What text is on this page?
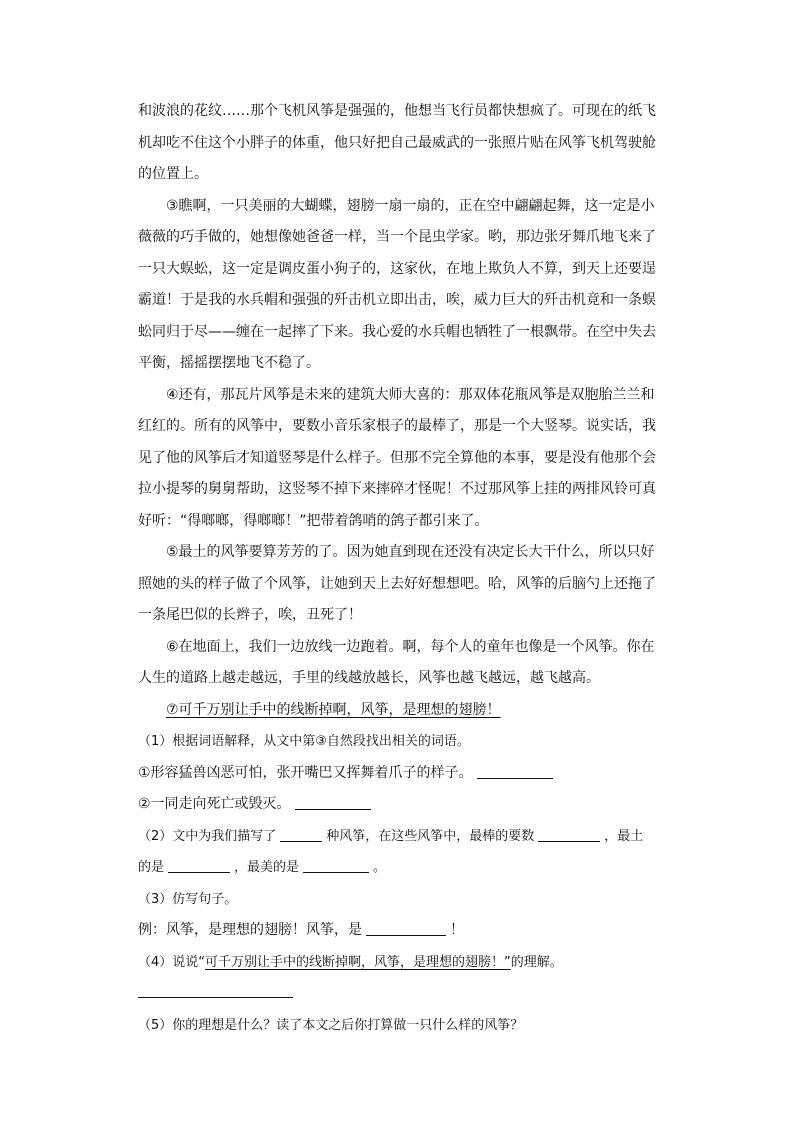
和波浪的花纹……那个飞机风筝是强强的，他想当飞行员都快想疯了。可现在的纸飞机却吃不住这个小胖子的体重，他只好把自己最威武的一张照片贴在风筝飞机驾驶舱的位置上。

③瞧啊，一只美丽的大蝴蝶，翅膀一扇一扇的，正在空中翩翩起舞，这一定是小薇薇的巧手做的，她想像她爸爸一样，当一个昆虫学家。哟，那边张牙舞爪地飞来了一只大蜈蚣，这一定是调皮蛋小狗子的，这家伙，在地上欺负人不算，到天上还要逞霸道！于是我的水兵帽和强强的歼击机立即出击，唉，威力巨大的歼击机竟和一条蜈蚣同归于尽——缠在一起摔了下来。我心爱的水兵帽也牺牲了一根飘带。在空中失去平衡，摇摇摆摆地飞不稳了。

④还有，那瓦片风筝是未来的建筑大师大喜的：那双体花瓶风筝是双胞胎兰兰和红红的。所有的风筝中，要数小音乐家根子的最棒了，那是一个大竖琴。说实话，我见了他的风筝后才知道竖琴是什么样子。但那不完全算他的本事，要是没有他那个会拉小提琴的舅舅帮助，这竖琴不掉下来摔碎才怪呢！不过那风筝上挂的两排风铃可真好听：“得啷啷，得啷啷！”把带着鸽哨的鸽子都引来了。

⑤最土的风筝要算芳芳的了。因为她直到现在还没有决定长大干什么，所以只好照她的头的样子做了个风筝，让她到天上去好好想想吧。哈，风筝的后脑勺上还拖了一条尾巴似的长辫子，唉，丑死了！

⑥在地面上，我们一边放线一边跑着。啊，每个人的童年也像是一个风筝。你在人生的道路上越走越远，手里的线越放越长，风筝也越飞越远，越飞越高。

⑦可千万别让手中的线断掉啊，风筝，是理想的翅膀！

（1）根据词语解释，从文中第③自然段找出相关的词语。

①形容猛兽凶恶可怕，张开嘴巴又挥舞着爪子的样子。

②一同走向死亡或毁灭。

（2）文中为我们描写了	种风筝，在这些风筝中，最棒的要数	，最土
的是	，最美的是	。

（3）仿写句子。

例：风筝，是理想的翅膀！风筝，是	！

（4）说说“可千万别让手中的线断掉啊，风筝，是理想的翅膀！”的理解。

（5）你的理想是什么？读了本文之后你打算做一只什么样的风筝？
